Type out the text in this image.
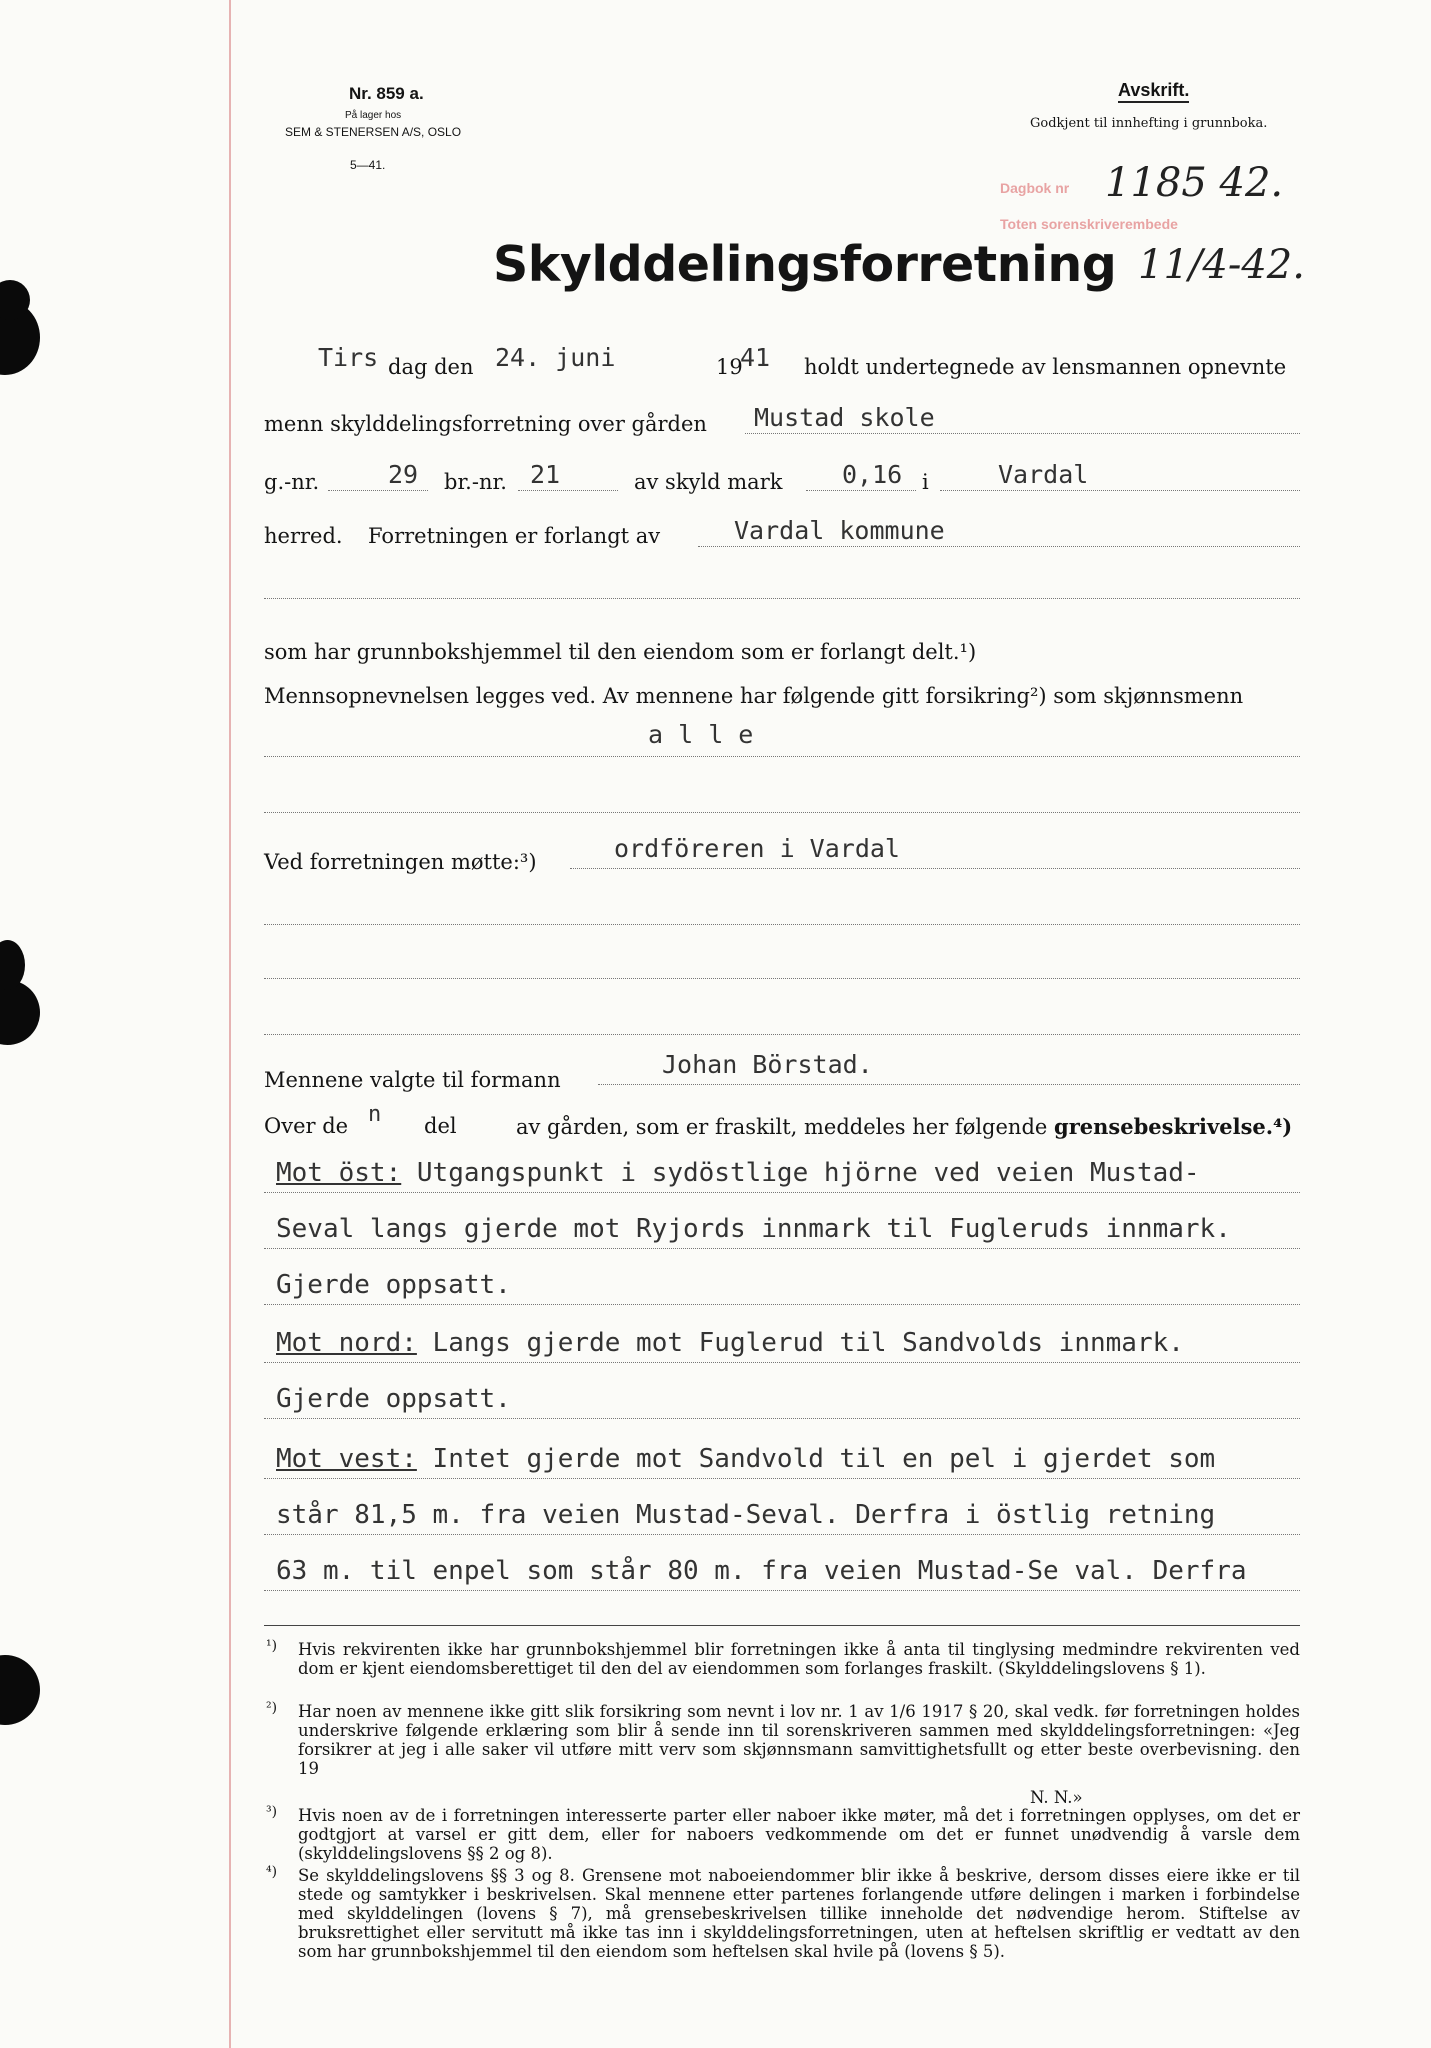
Nr. 859 a.
På lager hos
SEM & STENERSEN A/S, OSLO
5—41.
Avskrift.
Godkjent til innhefting i grunnboka.
Dagbok nr
Toten sorenskriverembede
1185 42.
11/4-42.
Skylddelingsforretning
Tirs dag den 24. juni	19
41 holdt undertegnede av lensmannen opnevnte
menn skylddelingsforretning over gården Mustad skole
g.-nr.	29 br.-nr. 21	av skyld mark 0,16 i	Vardal
herred. Forretningen er forlangt av	Vardal kommune
som har grunnbokshjemmel til den eiendom som er forlangt delt.¹)
Mennsopnevnelsen legges ved. Av mennene har følgende gitt forsikring²) som skjønnsmenn
a l l e
Ved forretningen møtte:³)	ordföreren i Vardal
Mennene valgte til formann
Johan Börstad.
Over de n del	av gården, som er fraskilt, meddeles her følgende grensebeskrivelse.⁴)
Mot öst: Utgangspunkt i sydöstlige hjörne ved veien Mustad-
Seval langs gjerde mot Ryjords innmark til Fugleruds innmark.
Gjerde oppsatt.
Mot nord: Langs gjerde mot Fuglerud til Sandvolds innmark.
Gjerde oppsatt.
Mot vest: Intet gjerde mot Sandvold til en pel i gjerdet som
står 81,5 m. fra veien Mustad-Seval. Derfra i östlig retning
63 m. til enpel som står 80 m. fra veien Mustad-Se val. Derfra
¹) Hvis rekvirenten ikke har grunnbokshjemmel blir forretningen ikke å anta til tinglysing medmindre rekvirenten ved dom er kjent eiendomsberettiget til den del av eiendommen som forlanges fraskilt. (Skylddelingslovens § 1).
²) Har noen av mennene ikke gitt slik forsikring som nevnt i lov nr. 1 av 1/6 1917 § 20, skal vedk. før forretningen holdes underskrive følgende erklæring som blir å sende inn til sorenskriveren sammen med skylddelingsforretningen: «Jeg forsikrer at jeg i alle saker vil utføre mitt verv som skjønnsmann samvittighetsfullt og etter beste overbevisning. den 19
N. N.»
³) Hvis noen av de i forretningen interesserte parter eller naboer ikke møter, må det i forretningen opplyses, om det er godtgjort at varsel er gitt dem, eller for naboers vedkommende om det er funnet unødvendig å varsle dem (skylddelingslovens §§ 2 og 8).
⁴) Se skylddelingslovens §§ 3 og 8. Grensene mot naboeiendommer blir ikke å beskrive, dersom disses eiere ikke er til stede og samtykker i beskrivelsen. Skal mennene etter partenes forlangende utføre delingen i marken i forbindelse med skylddelingen (lovens § 7), må grensebeskrivelsen tillike inneholde det nødvendige herom. Stiftelse av bruksrettighet eller servitutt må ikke tas inn i skylddelingsforretningen, uten at heftelsen skriftlig er vedtatt av den som har grunnbokshjemmel til den eiendom som heftelsen skal hvile på (lovens § 5).
